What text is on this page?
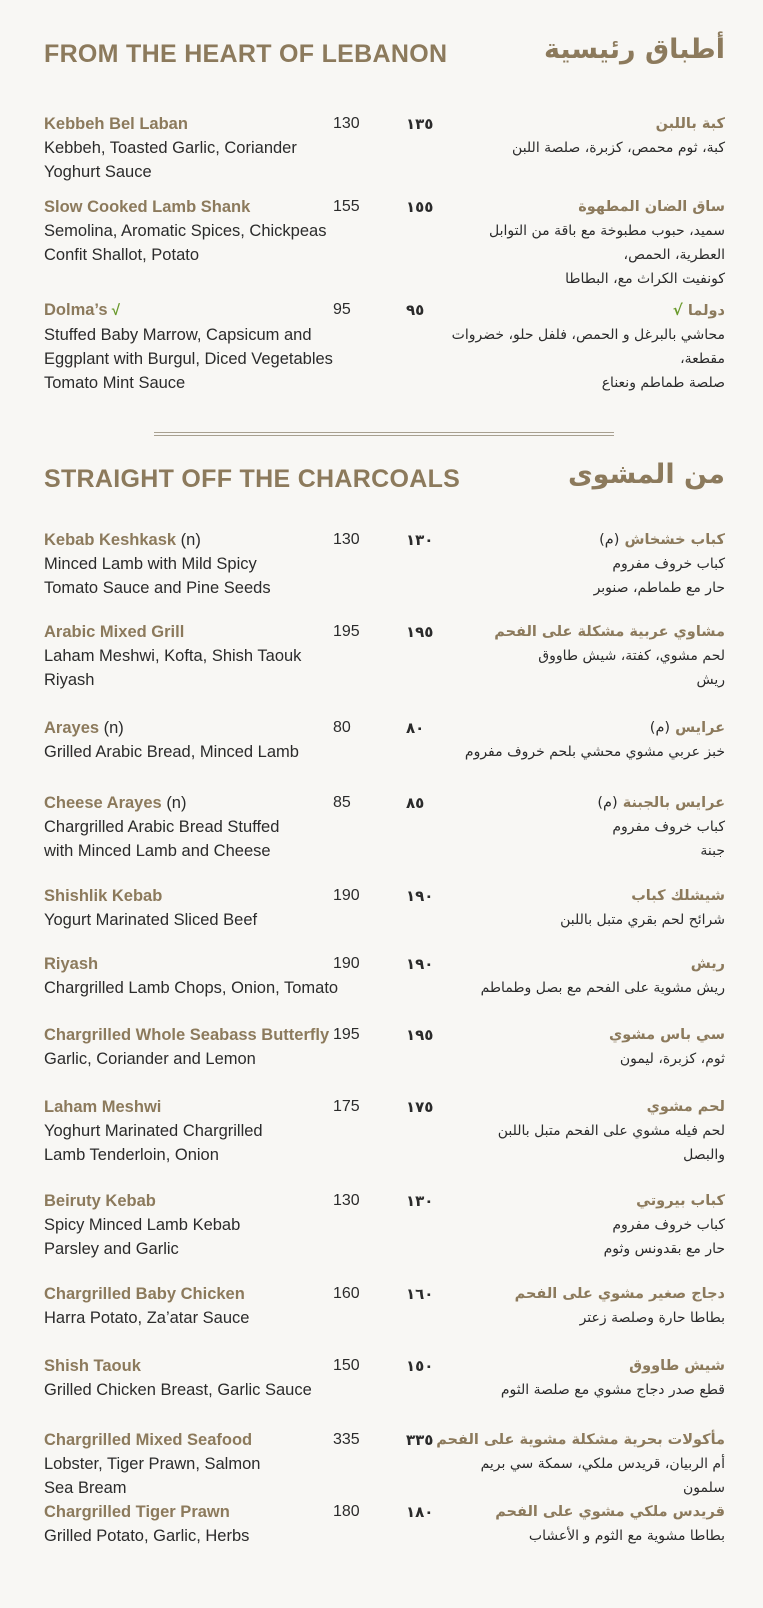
FROM THE HEART OF LEBANON	أطباق رئيسية
STRAIGHT OFF THE CHARCOALS	من المشوى
Kebbeh Bel Laban
Kebbeh, Toasted Garlic, Coriander
Yoghurt Sauce
130	١٣٥	كبة باللبن
كبة، ثوم محمص، كزبرة، صلصة اللبن
Slow Cooked Lamb Shank
Semolina, Aromatic Spices, Chickpeas
Confit Shallot, Potato
155	١٥٥	ساق الضان المطهوة
سميد، حبوب مطبوخة مع باقة من التوابل
العطرية، الحمص،
كونفيت الكراث مع، البطاطا
Dolma’s √
Stuffed Baby Marrow, Capsicum and
Eggplant with Burgul, Diced Vegetables
Tomato Mint Sauce
95	٩٥	دولما √
محاشي بالبرغل و الحمص، فلفل حلو، خضروات
مقطعة،
صلصة طماطم ونعناع
Kebab Keshkask (n)
Minced Lamb with Mild Spicy
Tomato Sauce and Pine Seeds
130	١٣٠	كباب خشخاش (م)
كباب خروف مفروم
حار مع طماطم، صنوبر
Arabic Mixed Grill
Laham Meshwi, Kofta, Shish Taouk
Riyash
195	١٩٥	مشاوي عربية مشكلة على الفحم
لحم مشوي، كفتة، شيش طاووق
ريش
Arayes (n)
Grilled Arabic Bread, Minced Lamb
80	٨٠	عرايس (م)
خبز عربي مشوي محشي بلحم خروف مفروم
Cheese Arayes (n)
Chargrilled Arabic Bread Stuffed
with Minced Lamb and Cheese
85	٨٥	عرايس بالجبنة (م)
كباب خروف مفروم
جبنة
Shishlik Kebab
Yogurt Marinated Sliced Beef
190	١٩٠	شيشلك كباب
شرائح لحم بقري متبل باللبن
Riyash
Chargrilled Lamb Chops, Onion, Tomato
190	١٩٠	ريش
ريش مشوية على الفحم مع بصل وطماطم
Chargrilled Whole Seabass Butterfly
Garlic, Coriander and Lemon
195	١٩٥	سي باس مشوي
ثوم، كزبرة، ليمون
Laham Meshwi
Yoghurt Marinated Chargrilled
Lamb Tenderloin, Onion
175	١٧٥	لحم مشوي
لحم فيله مشوي على الفحم متبل باللبن
والبصل
Beiruty Kebab
Spicy Minced Lamb Kebab
Parsley and Garlic
130	١٣٠	كباب بيروتي
كباب خروف مفروم
حار مع بقدونس وثوم
Chargrilled Baby Chicken
Harra Potato, Za’atar Sauce
160	١٦٠	دجاج صغير مشوي على الفحم
بطاطا حارة وصلصة زعتر
Shish Taouk
Grilled Chicken Breast, Garlic Sauce
150	١٥٠	شيش طاووق
قطع صدر دجاج مشوي مع صلصة الثوم
Chargrilled Mixed Seafood
Lobster, Tiger Prawn, Salmon
Sea Bream
335	٣٣٥ مأكولات بحرية مشكلة مشوية على الفحم
أم الربيان، قريدس ملكي، سمكة سي بريم
سلمون
Chargrilled Tiger Prawn
Grilled Potato, Garlic, Herbs
180	١٨٠	قريدس ملكي مشوي على الفحم
بطاطا مشوية مع الثوم و الأعشاب
